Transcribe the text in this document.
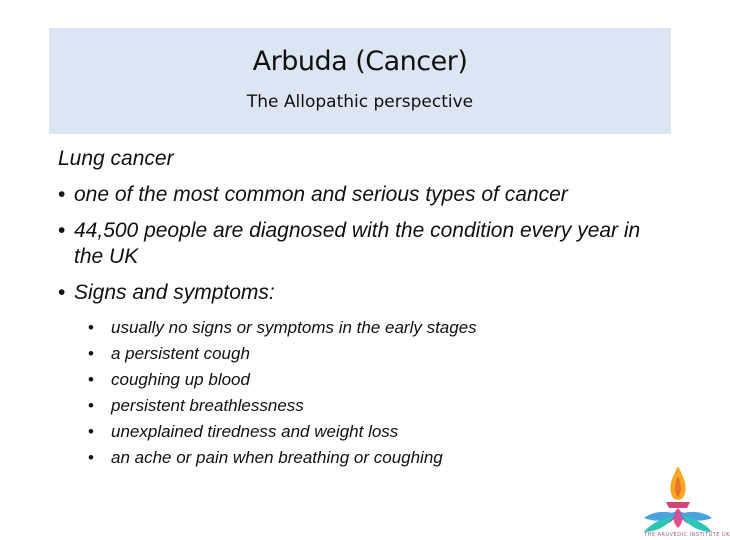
Arbuda (Cancer)
The Allopathic perspective
Lung cancer
• one of the most common and serious types of cancer
• 44,500 people are diagnosed with the condition every year in the UK
• Signs and symptoms:
• usually no signs or symptoms in the early stages
• a persistent cough
• coughing up blood
• persistent breathlessness
• unexplained tiredness and weight loss
• an ache or pain when breathing or coughing
THE ARUVEDIC INSTITUTE UK
